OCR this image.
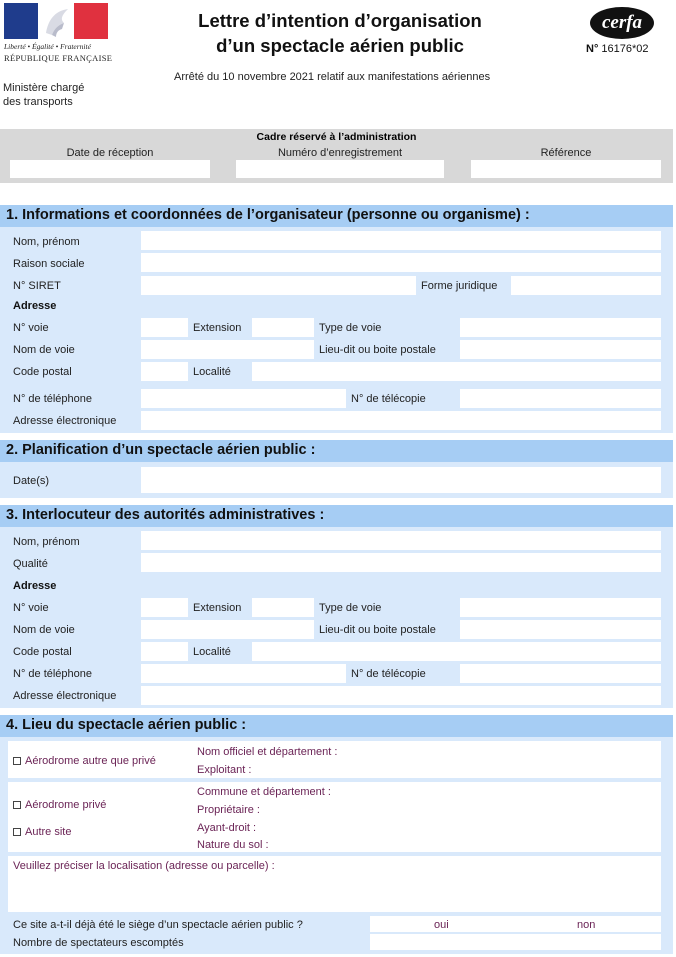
Liberté • Égalité • Fraternité
RÉPUBLIQUE FRANÇAISE
Ministère chargé
des transports
Lettre d’intention d’organisation
d’un spectacle aérien public
Arrêté du 10 novembre 2021 relatif aux manifestations aériennes
cerfa
N° 16176*02
Cadre réservé à l’administration
Date de réception	Numéro d’enregistrement	Référence
1. Informations et coordonnées de l’organisateur (personne ou organisme) :
Nom, prénom
Raison sociale
N° SIRET	Forme juridique
Adresse
N° voie	Extension	Type de voie
Nom de voie	Lieu-dit ou boite postale
Code postal	Localité
N° de téléphone	N° de télécopie
Adresse électronique
2. Planification d’un spectacle aérien public :
Date(s)
3. Interlocuteur des autorités administratives :
Nom, prénom
Qualité
Adresse
N° voie	Extension	Type de voie
Nom de voie	Lieu-dit ou boite postale
Code postal	Localité
N° de téléphone	N° de télécopie
Adresse électronique
4. Lieu du spectacle aérien public :
Aérodrome autre que privé
Nom officiel et département :
Exploitant :
Aérodrome privé
Autre site
Commune et département :
Propriétaire :
Ayant-droit :
Nature du sol :
Veuillez préciser la localisation (adresse ou parcelle) :
Ce site a-t-il déjà été le siège d’un spectacle aérien public ?	oui	non
Nombre de spectateurs escomptés
